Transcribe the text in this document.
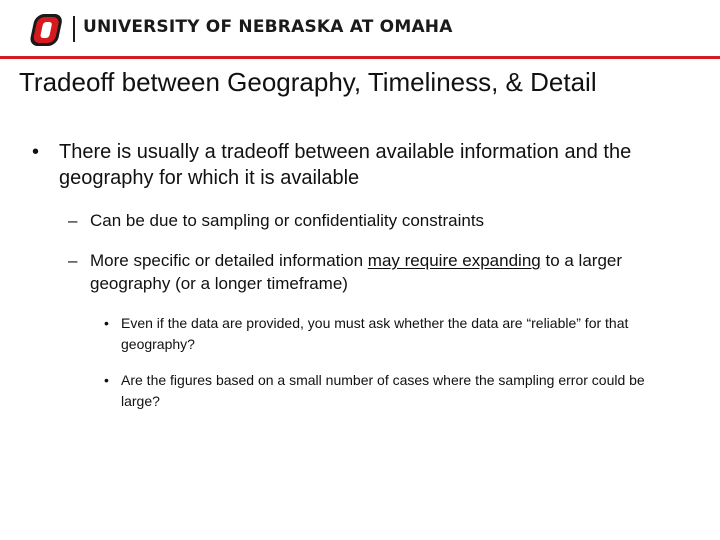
UNIVERSITY OF NEBRASKA AT OMAHA
Tradeoff between Geography, Timeliness, & Detail
• There is usually a tradeoff between available information and the geography for which it is available
– Can be due to sampling or confidentiality constraints
– More specific or detailed information may require expanding to a larger geography (or a longer timeframe)
• Even if the data are provided, you must ask whether the data are “reliable” for that geography?
• Are the figures based on a small number of cases where the sampling error could be large?
